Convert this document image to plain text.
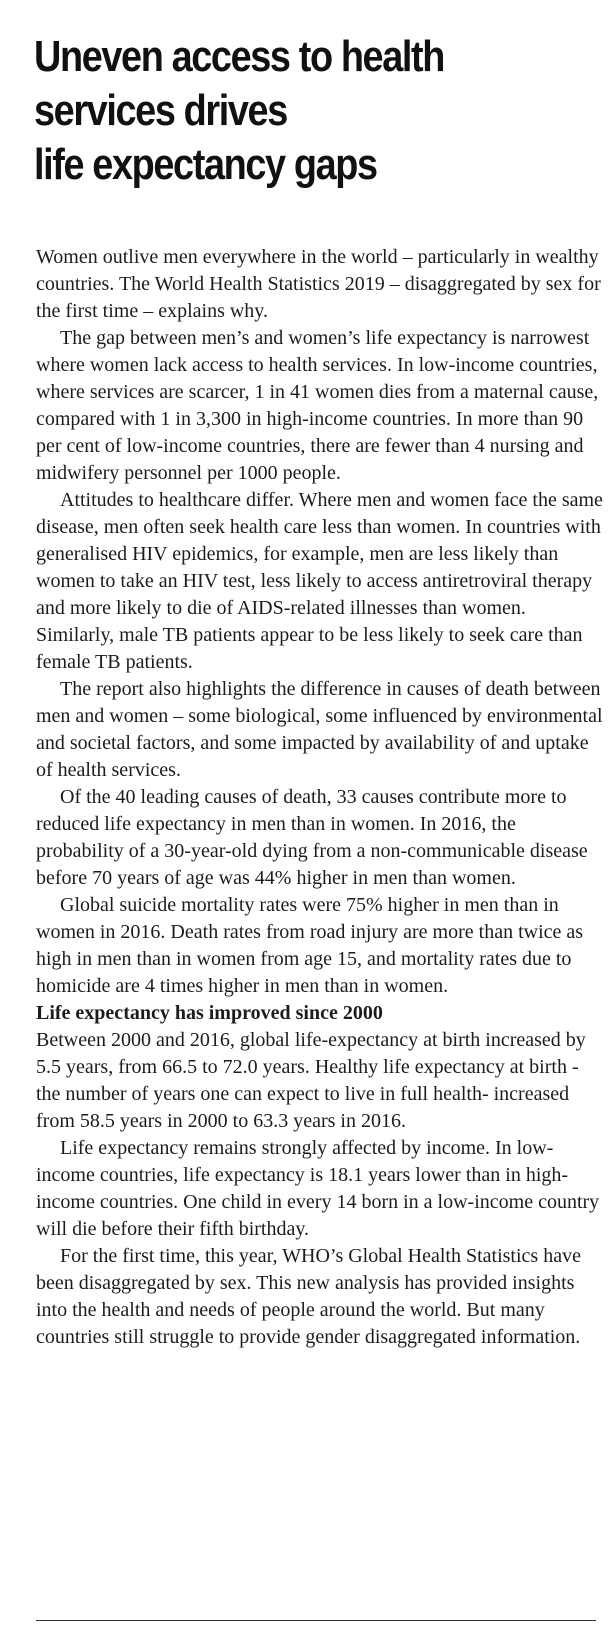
Uneven access to health
services drives
life expectancy gaps

Women outlive men everywhere in the world – particularly in wealthy countries. The World Health Statistics 2019 – disaggregated by sex for the first time – explains why.

The gap between men’s and women’s life expectancy is narrowest where women lack access to health services. In low-income countries, where services are scarcer, 1 in 41 women dies from a maternal cause, compared with 1 in 3,300 in high-income countries. In more than 90 per cent of low-income countries, there are fewer than 4 nursing and midwifery personnel per 1000 people.

Attitudes to healthcare differ. Where men and women face the same disease, men often seek health care less than women. In countries with generalised HIV epidemics, for example, men are less likely than women to take an HIV test, less likely to access antiretroviral therapy and more likely to die of AIDS-related illnesses than women. Similarly, male TB patients appear to be less likely to seek care than female TB patients.

The report also highlights the difference in causes of death between men and women – some biological, some influenced by environmental and societal factors, and some impacted by availability of and uptake of health services.

Of the 40 leading causes of death, 33 causes contribute more to reduced life expectancy in men than in women. In 2016, the probability of a 30-year-old dying from a non-communicable disease before 70 years of age was 44% higher in men than women.

Global suicide mortality rates were 75% higher in men than in women in 2016. Death rates from road injury are more than twice as high in men than in women from age 15, and mortality rates due to homicide are 4 times higher in men than in women.

Life expectancy has improved since 2000

Between 2000 and 2016, global life-expectancy at birth increased by 5.5 years, from 66.5 to 72.0 years. Healthy life expectancy at birth - the number of years one can expect to live in full health- increased from 58.5 years in 2000 to 63.3 years in 2016.

Life expectancy remains strongly affected by income. In low-income countries, life expectancy is 18.1 years lower than in high-income countries. One child in every 14 born in a low-income country will die before their fifth birthday.

For the first time, this year, WHO’s Global Health Statistics have been disaggregated by sex. This new analysis has provided insights into the health and needs of people around the world. But many countries still struggle to provide gender disaggregated information.
